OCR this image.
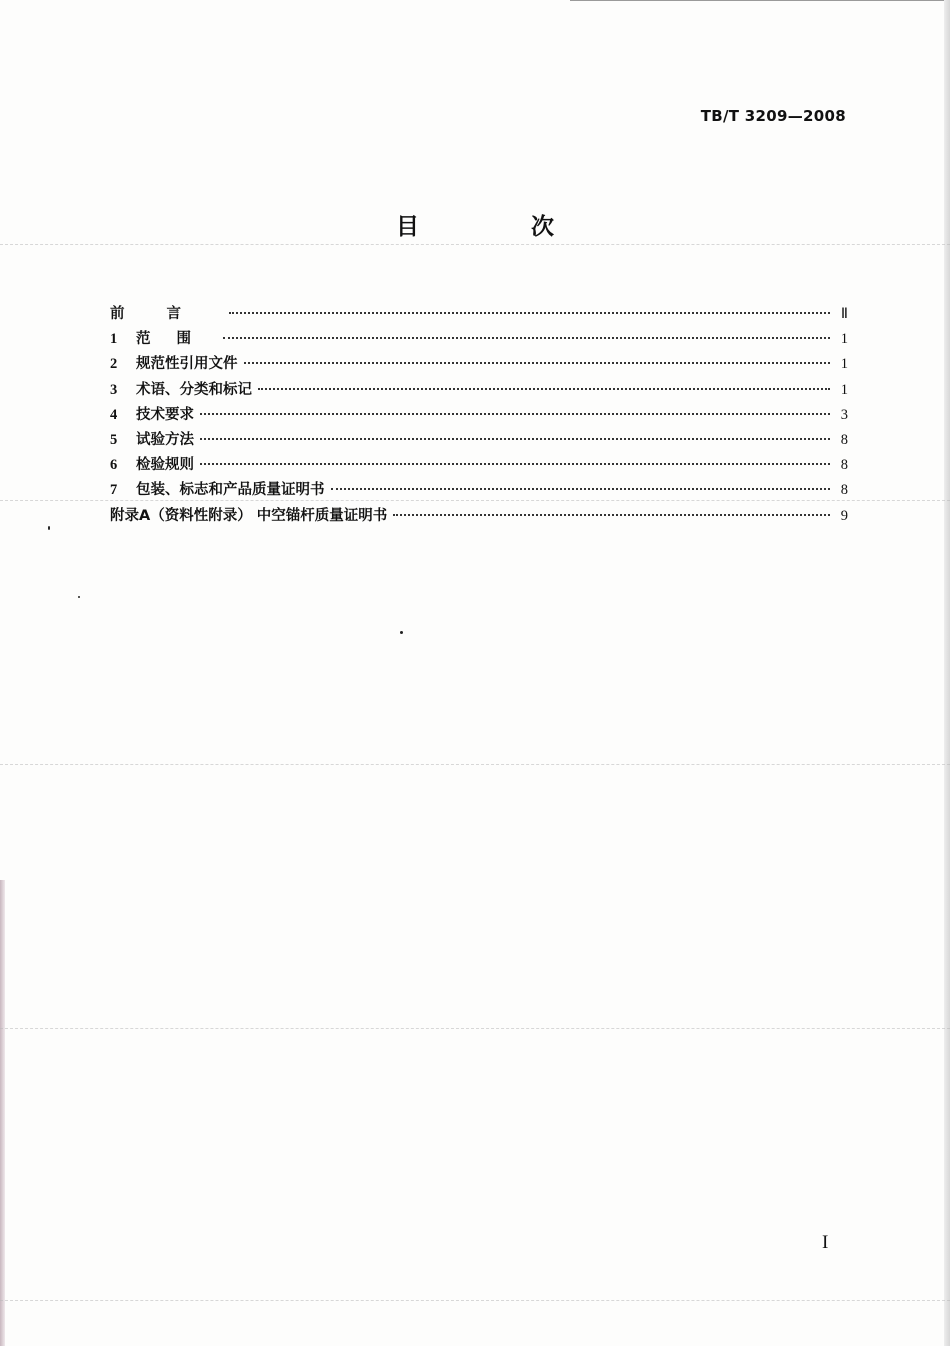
TB/T 3209—2008
目 次
前言	Ⅱ
1	范围	1
2	规范性引用文件	1
3	术语、分类和标记	1
4	技术要求	3
5	试验方法	8
6	检验规则	8
7	包装、标志和产品质量证明书	8
附录A（资料性附录） 中空锚杆质量证明书	9
I
